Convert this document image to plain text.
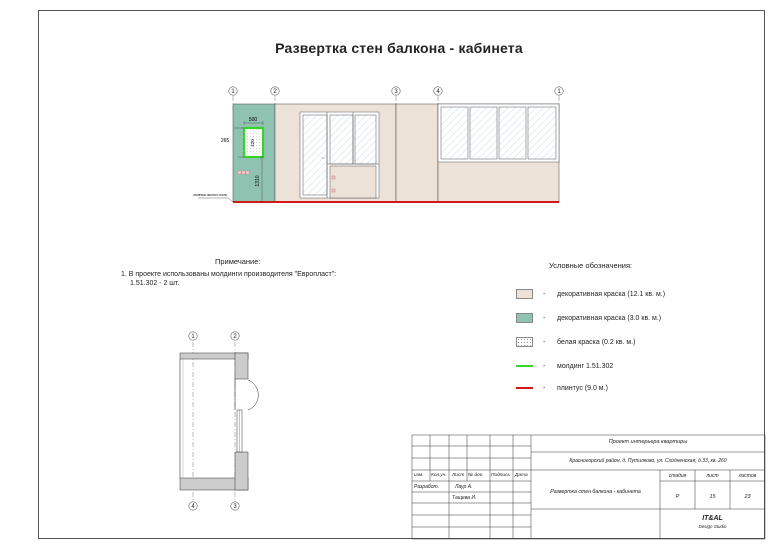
Развертка стен балкона - кабинета
1	2	3	4	1
420
500
265
1310
отметка чистого пола
1	2
4	3
Примечание:
1. В проекте использованы молдинги производителя "Европласт":
1.51.302 - 2 шт.
Условные обозначения:
-	декоративная краска (12.1 кв. м.)
-	декоративная краска (3.0 кв. м.)
-	белая краска (0.2 кв. м.)
-	молдинг 1.51.302
-	плинтус (9.0 м.)
Проект интерьера квартиры
Красногорский район, д. Путилково, ул. Сходненская, д.33, кв. 260
изм. Кол.уч. Лист № док. Подпись Дата
Разработ.	Лаур А.
Тащева И.
Развертка стен балкона - кабинета
стадия	лист	листов
Р	15	23
IT&AL
Design Studio
